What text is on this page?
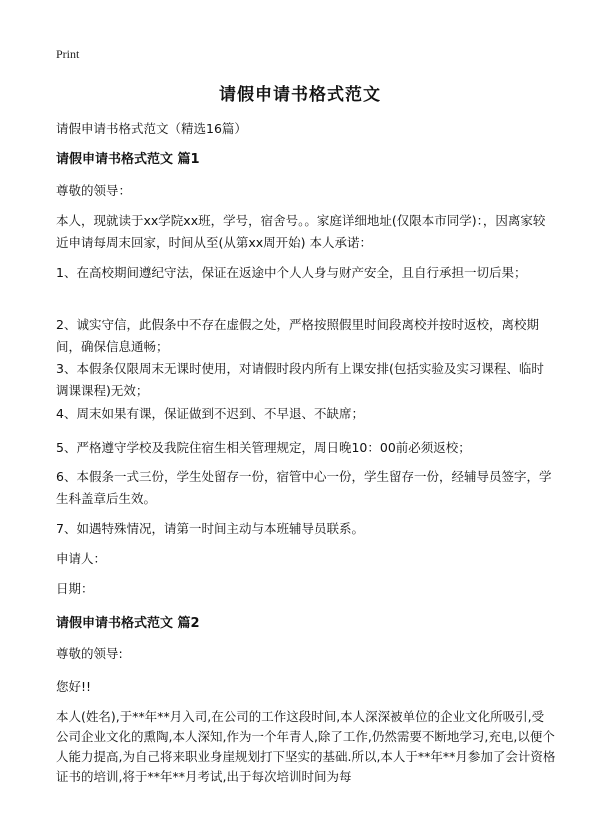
Print
请假申请书格式范文

请假申请书格式范文（精选16篇）

请假申请书格式范文 篇1

尊敬的领导：

本人，现就读于xx学院xx班，学号，宿舍号。。家庭详细地址(仅限本市同学)：，因离家较近申请每周末回家，时间从至(从第xx周开始) 本人承诺：

1、在高校期间遵纪守法，保证在返途中个人人身与财产安全，且自行承担一切后果；

2、诚实守信，此假条中不存在虚假之处，严格按照假里时间段离校并按时返校，离校期间，确保信息通畅；

3、本假条仅限周末无课时使用，对请假时段内所有上课安排(包括实验及实习课程、临时调课课程)无效；

4、周末如果有课，保证做到不迟到、不早退、不缺席；

5、严格遵守学校及我院住宿生相关管理规定，周日晚10：00前必须返校；

6、本假条一式三份，学生处留存一份，宿管中心一份，学生留存一份，经辅导员签字，学生科盖章后生效。

7、如遇特殊情况，请第一时间主动与本班辅导员联系。

申请人：

日期：

请假申请书格式范文 篇2

尊敬的领导:

您好!!

本人(姓名),于**年**月入司,在公司的工作这段时间,本人深深被单位的企业文化所吸引,受公司企业文化的熏陶,本人深知,作为一个年青人,除了工作,仍然需要不断地学习,充电,以便个人能力提高,为自己将来职业身崖规划打下坚实的基础.所以,本人于**年**月参加了会计资格证书的培训,将于**年**月考试,出于每次培训时间为每
